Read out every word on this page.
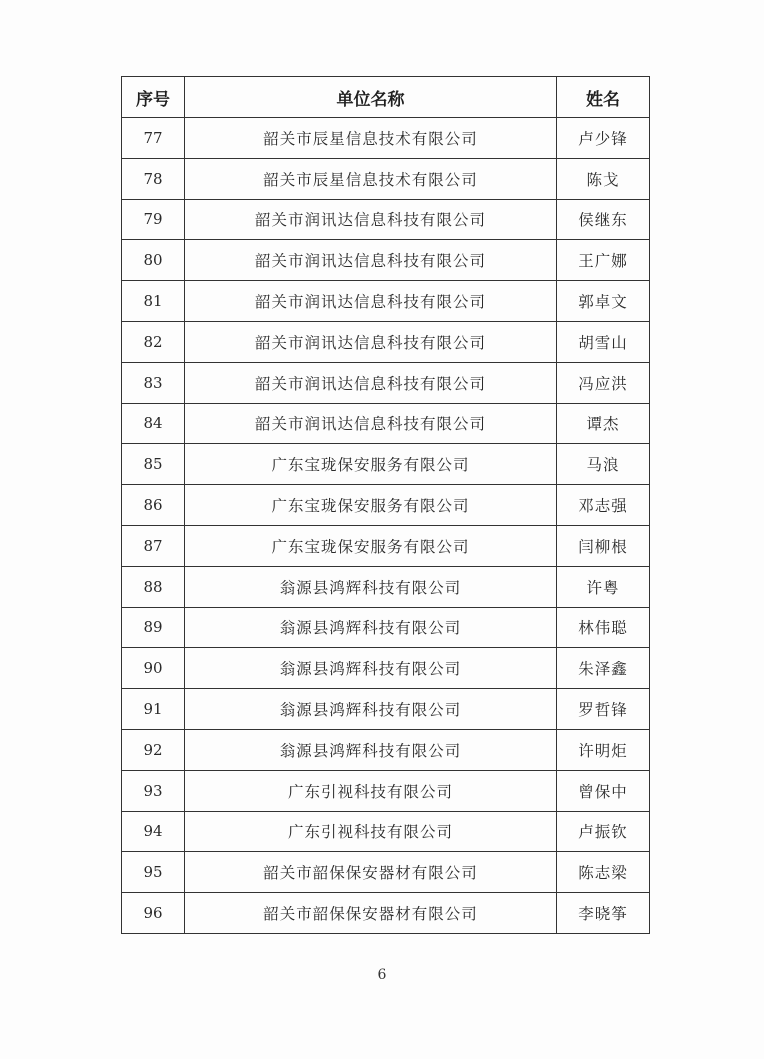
序号	单位名称	姓名
77	韶关市辰星信息技术有限公司	卢少锋
78	韶关市辰星信息技术有限公司	陈戈
79	韶关市润讯达信息科技有限公司	侯继东
80	韶关市润讯达信息科技有限公司	王广娜
81	韶关市润讯达信息科技有限公司	郭卓文
82	韶关市润讯达信息科技有限公司	胡雪山
83	韶关市润讯达信息科技有限公司	冯应洪
84	韶关市润讯达信息科技有限公司	谭杰
85	广东宝珑保安服务有限公司	马浪
86	广东宝珑保安服务有限公司	邓志强
87	广东宝珑保安服务有限公司	闫柳根
88	翁源县鸿辉科技有限公司	许粤
89	翁源县鸿辉科技有限公司	林伟聪
90	翁源县鸿辉科技有限公司	朱泽鑫
91	翁源县鸿辉科技有限公司	罗哲锋
92	翁源县鸿辉科技有限公司	许明炬
93	广东引视科技有限公司	曾保中
94	广东引视科技有限公司	卢振钦
95	韶关市韶保保安器材有限公司	陈志梁
96	韶关市韶保保安器材有限公司	李晓筝
6
